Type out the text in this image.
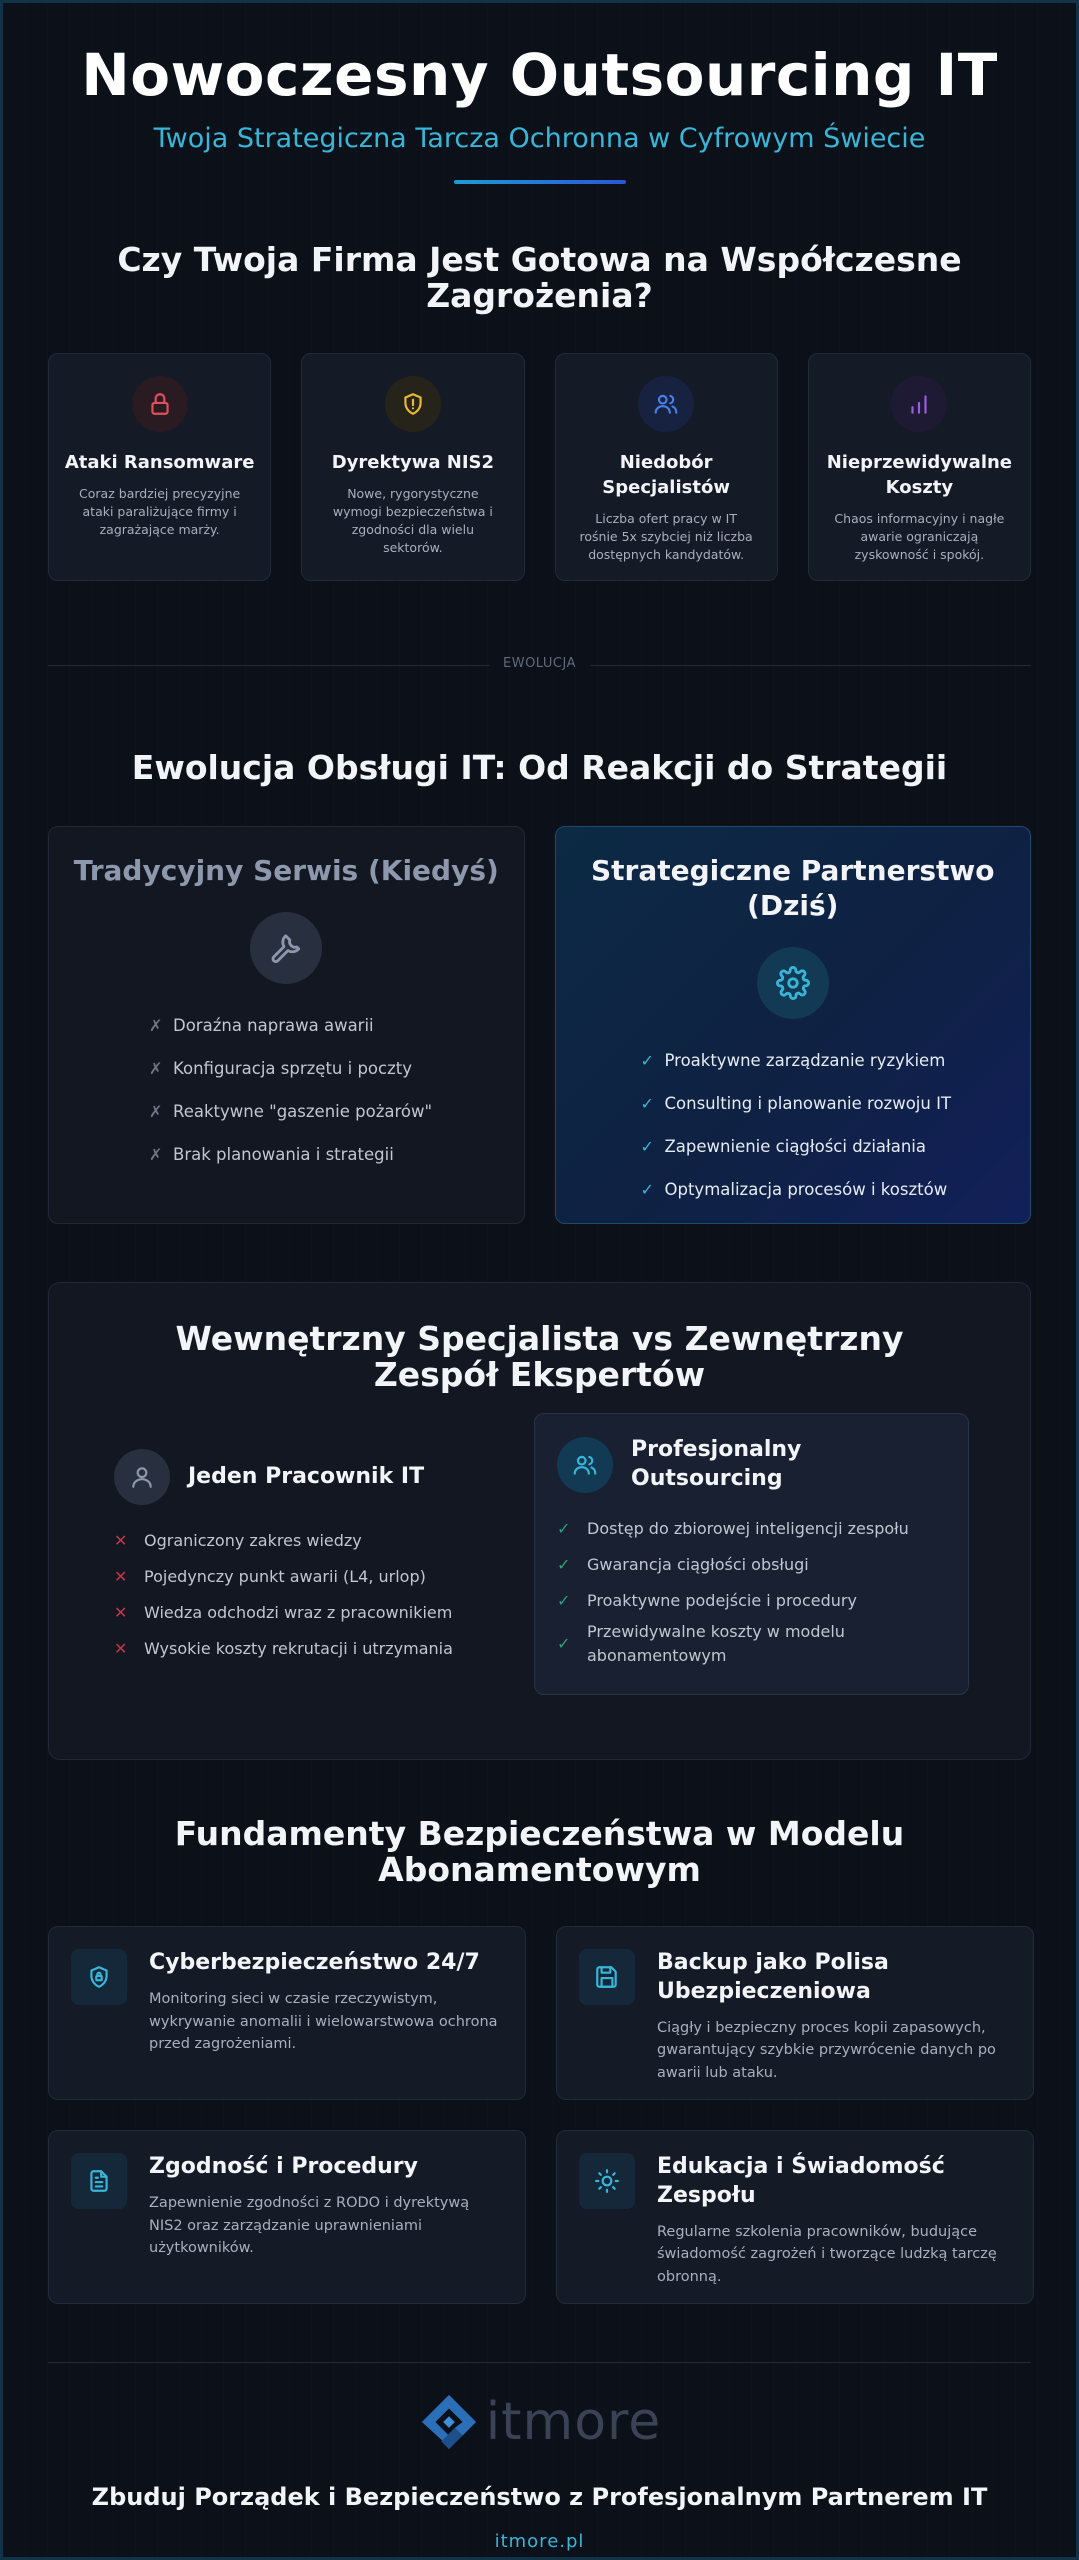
Nowoczesny Outsourcing IT

Twoja Strategiczna Tarcza Ochronna w Cyfrowym Świecie

Czy Twoja Firma Jest Gotowa na Współczesne Zagrożenia?
Ataki Ransomware
Coraz bardziej precyzyjne ataki paraliżujące firmy i zagrażające marży.
Dyrektywa NIS2
Nowe, rygorystyczne wymogi bezpieczeństwa i zgodności dla wielu sektorów.
Niedobór Specjalistów
Liczba ofert pracy w IT rośnie 5x szybciej niż liczba dostępnych kandydatów.
Nieprzewidywalne Koszty
Chaos informacyjny i nagłe awarie ograniczają zyskowność i spokój.
EWOLUCJA
Ewolucja Obsługi IT: Od Reakcji do Strategii
Tradycyjny Serwis (Kiedyś)
✗ Doraźna naprawa awarii
✗ Konfiguracja sprzętu i poczty
✗ Reaktywne "gaszenie pożarów"
✗ Brak planowania i strategii
Strategiczne Partnerstwo (Dziś)
✓ Proaktywne zarządzanie ryzykiem
✓ Consulting i planowanie rozwoju IT
✓ Zapewnienie ciągłości działania
✓ Optymalizacja procesów i kosztów
Wewnętrzny Specjalista vs Zewnętrzny Zespół Ekspertów
Jeden Pracownik IT
✕	Ograniczony zakres wiedzy
✕	Pojedynczy punkt awarii (L4, urlop)
✕	Wiedza odchodzi wraz z pracownikiem
✕	Wysokie koszty rekrutacji i utrzymania
Profesjonalny Outsourcing
✓	Dostęp do zbiorowej inteligencji zespołu
✓	Gwarancja ciągłości obsługi
✓	Proaktywne podejście i procedury
✓
Przewidywalne koszty w modelu abonamentowym
Fundamenty Bezpieczeństwa w Modelu Abonamentowym
Cyberbezpieczeństwo 24/7
Monitoring sieci w czasie rzeczywistym, wykrywanie anomalii i wielowarstwowa ochrona przed zagrożeniami.
Backup jako Polisa Ubezpieczeniowa
Ciągły i bezpieczny proces kopii zapasowych, gwarantujący szybkie przywrócenie danych po awarii lub ataku.
Zgodność i Procedury
Zapewnienie zgodności z RODO i dyrektywą NIS2 oraz zarządzanie uprawnieniami użytkowników.
Edukacja i Świadomość Zespołu
Regularne szkolenia pracowników, budujące świadomość zagrożeń i tworzące ludzką tarczę obronną.
itmore
Zbuduj Porządek i Bezpieczeństwo z Profesjonalnym Partnerem IT
itmore.pl
